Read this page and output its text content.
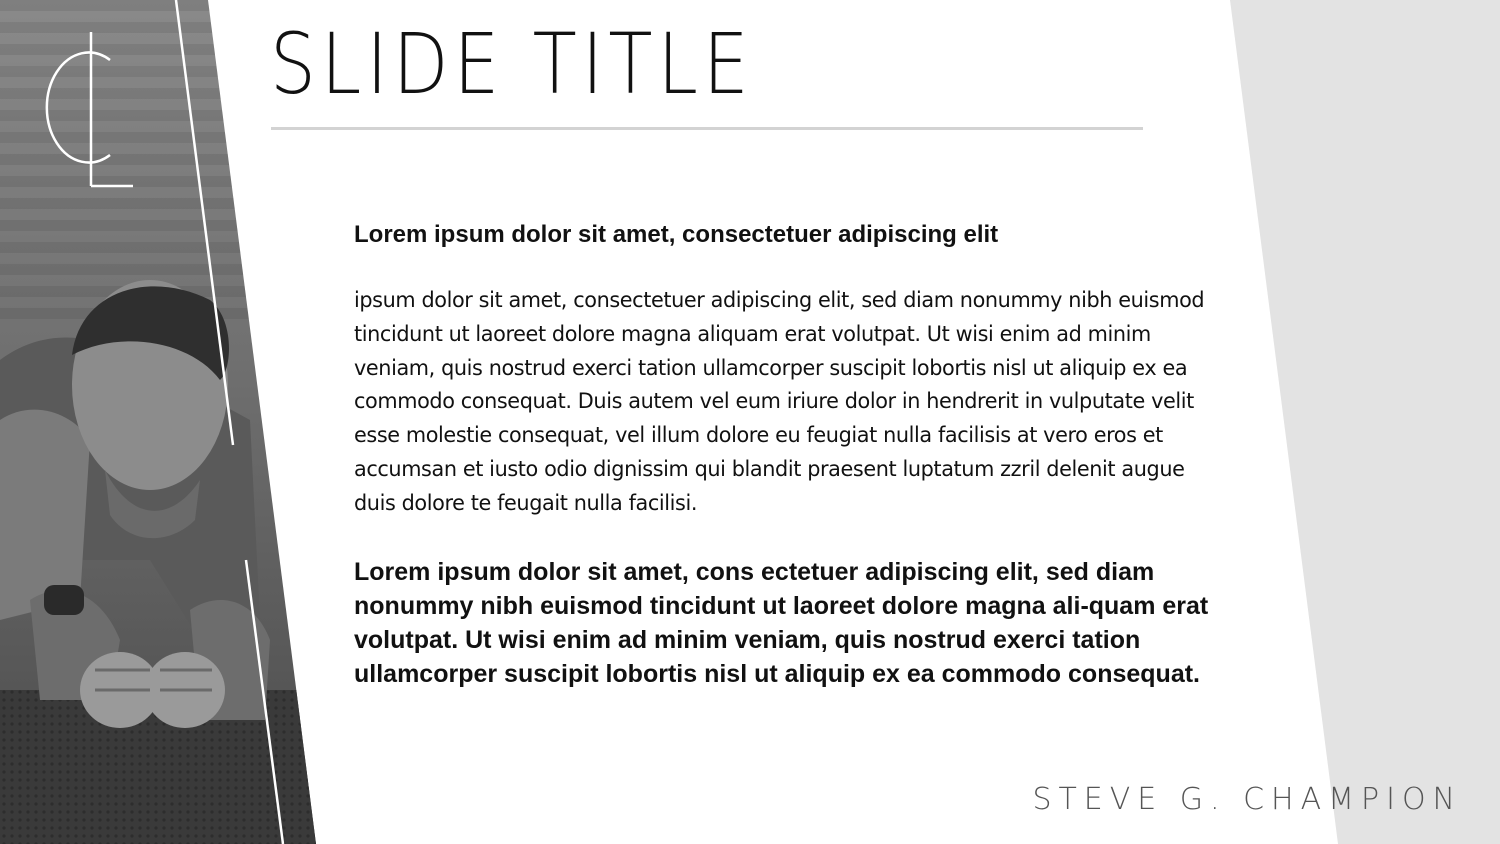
SLIDE TITLE

Lorem ipsum dolor sit amet, consectetuer adipiscing elit

ipsum dolor sit amet, consectetuer adipiscing elit, sed diam nonummy nibh euismod tincidunt ut laoreet dolore magna aliquam erat volutpat. Ut wisi enim ad minim veniam, quis nostrud exerci tation ullamcorper suscipit lobortis nisl ut aliquip ex ea commodo consequat. Duis autem vel eum iriure dolor in hendrerit in vulputate velit esse molestie consequat, vel illum dolore eu feugiat nulla facilisis at vero eros et accumsan et iusto odio dignissim qui blandit praesent luptatum zzril delenit augue duis dolore te feugait nulla facilisi.

Lorem ipsum dolor sit amet, cons ectetuer adipiscing elit, sed diam nonummy nibh euismod tincidunt ut laoreet dolore magna ali-quam erat volutpat. Ut wisi enim ad minim veniam, quis nostrud exerci tation ullamcorper suscipit lobortis nisl ut aliquip ex ea commodo consequat.

STEVE G. CHAMPION
